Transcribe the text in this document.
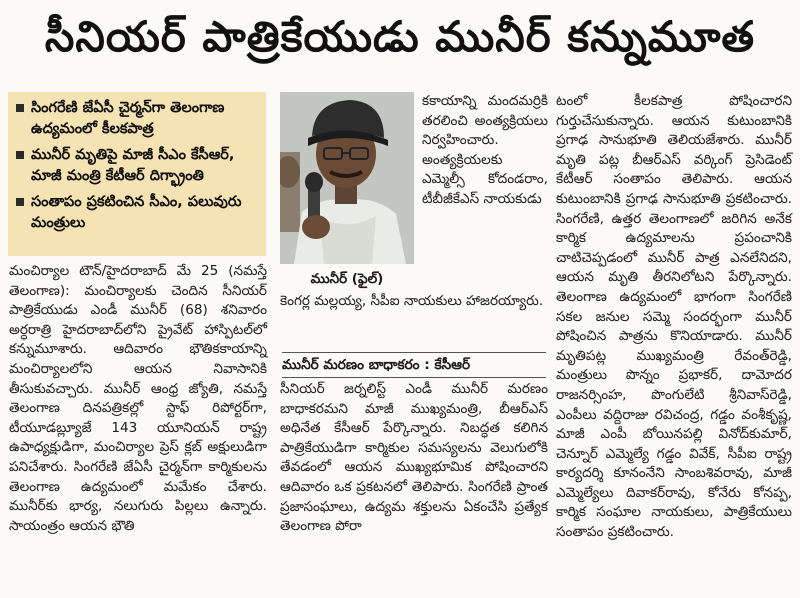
సీనియర్ పాత్రికేయుడు మునీర్ కన్నుమూత
సింగరేణి జేఏసీ చైర్మన్‌గా తెలంగాణ ఉద్యమంలో కీలకపాత్ర
మునీర్ మృతిపై మాజీ సీఎం కేసీఆర్, మాజీ మంత్రి కేటీఆర్ దిగ్భ్రాంతి
సంతాపం ప్రకటించిన సీఎం, పలువురు మంత్రులు

మంచిర్యాల టౌన్/హైదరాబాద్ మే 25 (నమస్తే తెలంగాణ): మంచిర్యాలకు చెందిన సీనియర్ పాత్రికేయుడు ఎండీ మునీర్ (68) శనివారం అర్ధరాత్రి హైదరాబాద్‌లోని ప్రైవేట్ హాస్పిటల్‌లో కన్నుమూశారు. ఆదివారం భౌతికకాయాన్ని మంచిర్యాలలోని ఆయన నివాసానికి తీసుకువచ్చారు. మునీర్ ఆంధ్ర జ్యోతి, నమస్తే తెలంగాణ దినపత్రికల్లో స్టాఫ్ రిపోర్టర్‌గా, టీయూడబ్ల్యూజే 143 యూనియన్ రాష్ట్ర ఉపాధ్యక్షుడిగా, మంచిర్యాల ప్రెస్ క్లబ్ అక్షులుడిగా పనిచేశారు. సింగరేణి జేఏసీ చైర్మన్‌గా కార్మికులను తెలంగాణ ఉద్యమంలో మమేకం చేశారు. మునీర్‌కు భార్య, నలుగురు పిల్లలు ఉన్నారు. సాయంత్రం ఆయన భౌతి

మునీర్ (ఫైల్)

కకాయాన్ని మందమర్రికి తరలించి అంత్యక్రియలు నిర్వహించారు. అంత్యక్రియలకు ఎమ్మెల్సీ కోదండరాం, టీబీజీకేఎస్ నాయకుడు

కెంగర్ల మల్లయ్య, సీపీఐ నాయకులు హాజరయ్యారు.

మునీర్ మరణం బాధాకరం : కేసీఆర్

సీనియర్ జర్నలిస్ట్ ఎండీ మునీర్ మరణం బాధాకరమని మాజీ ముఖ్యమంత్రి, బీఆర్‌ఎస్ అధినేత కేసీఆర్ పేర్కొన్నారు. నిబద్ధత కలిగిన పాత్రికేయుడిగా కార్మికుల సమస్యలను వెలుగులోకి తేవడంలో ఆయన ముఖ్యభూమిక పోషించారని ఆదివారం ఒక ప్రకటనలో తెలిపారు. సింగరేణి ప్రాంత ప్రజాసంఘాలు, ఉద్యమ శక్తులను ఏకంచేసి ప్రత్యేక తెలంగాణ పోరా

టంలో కీలకపాత్ర పోషించారని గుర్తుచేసుకున్నారు. ఆయన కుటుంబానికి ప్రగాఢ సానుభూతి తెలియజేశారు. మునీర్ మృతి పట్ల బీఆర్‌ఎస్ వర్కింగ్ ప్రెసిడెంట్ కేటీఆర్ సంతాపం తెలిపారు. ఆయన కుటుంబానికి ప్రగాఢ సానుభూతి ప్రకటించారు. సింగరేణి, ఉత్తర తెలంగాణలో జరిగిన అనేక కార్మిక ఉద్యమాలను ప్రపంచానికి చాటిచెప్పడంలో మునీర్ పాత్ర ఎనలేనిదని, ఆయన మృతి తీరనిలోటని పేర్కొన్నారు. తెలంగాణ ఉద్యమంలో భాగంగా సింగరేణి సకల జనుల సమ్మె సందర్భంగా మునీర్ పోషించిన పాత్రను కొనియాడారు. మునీర్ మృతిపట్ల ముఖ్యమంత్రి రేవంత్‌రెడ్డి, మంత్రులు పొన్నం ప్రభాకర్, దామోదర రాజనర్సింహ, పొంగులేటి శ్రీనివాస్‌రెడ్డి, ఎంపీలు వద్దిరాజు రవిచంద్ర, గడ్డం వంశీకృష్ణ, మాజీ ఎంపీ బోయినపల్లి వినోద్‌కుమార్, చెన్నూర్ ఎమ్మెల్యే గడ్డం వివేక్, సీపీఐ రాష్ట్ర కార్యదర్శి కూనంనేని సాంబశివరావు, మాజీ ఎమ్మెల్యేలు దివాకర్‌రావు, కోనేరు కోనప్ప, కార్మిక సంఘాల నాయకులు, పాత్రికేయులు సంతాపం ప్రకటించారు.
